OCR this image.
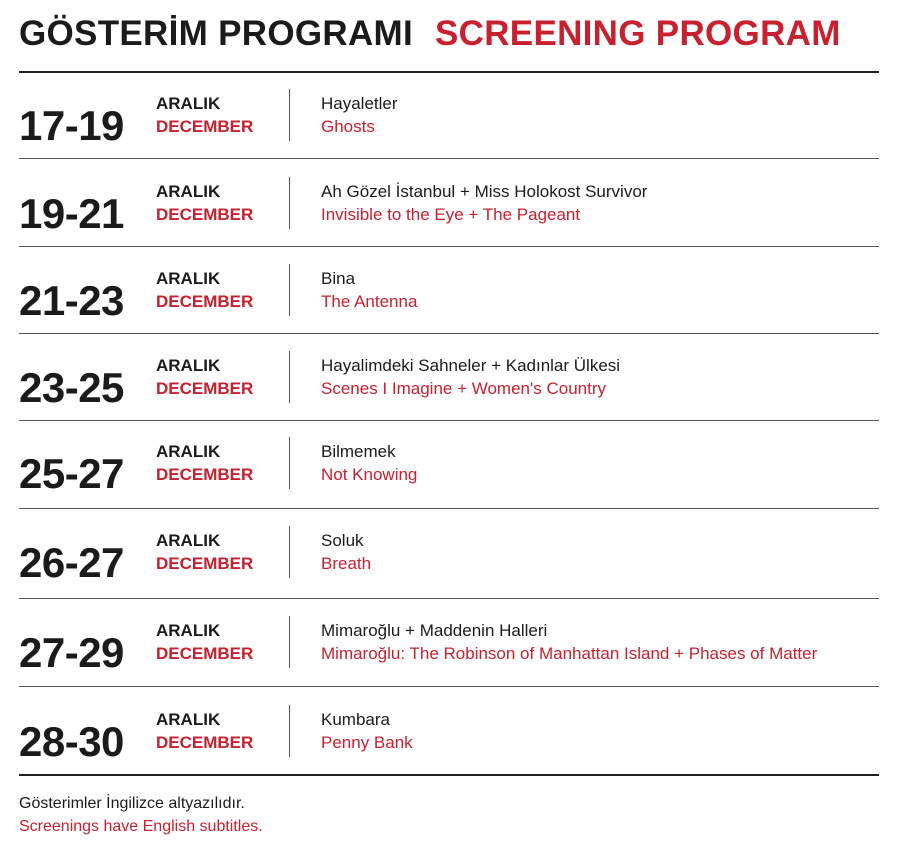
GÖSTERİM PROGRAMI SCREENING PROGRAM
17-19 ARALIK
DECEMBER
Hayaletler
Ghosts
19-21 ARALIK
DECEMBER
Ah Gözel İstanbul + Miss Holokost Survivor
Invisible to the Eye + The Pageant
21-23 ARALIK
DECEMBER
Bina
The Antenna
23-25 ARALIK
DECEMBER
Hayalimdeki Sahneler + Kadınlar Ülkesi
Scenes I Imagine + Women's Country
25-27 ARALIK
DECEMBER
Bilmemek
Not Knowing
26-27 ARALIK
DECEMBER
Soluk
Breath
27-29 ARALIK
DECEMBER
Mimaroğlu + Maddenin Halleri
Mimaroğlu: The Robinson of Manhattan Island + Phases of Matter
28-30 ARALIK
DECEMBER
Kumbara
Penny Bank
Gösterimler İngilizce altyazılıdır.
Screenings have English subtitles.
